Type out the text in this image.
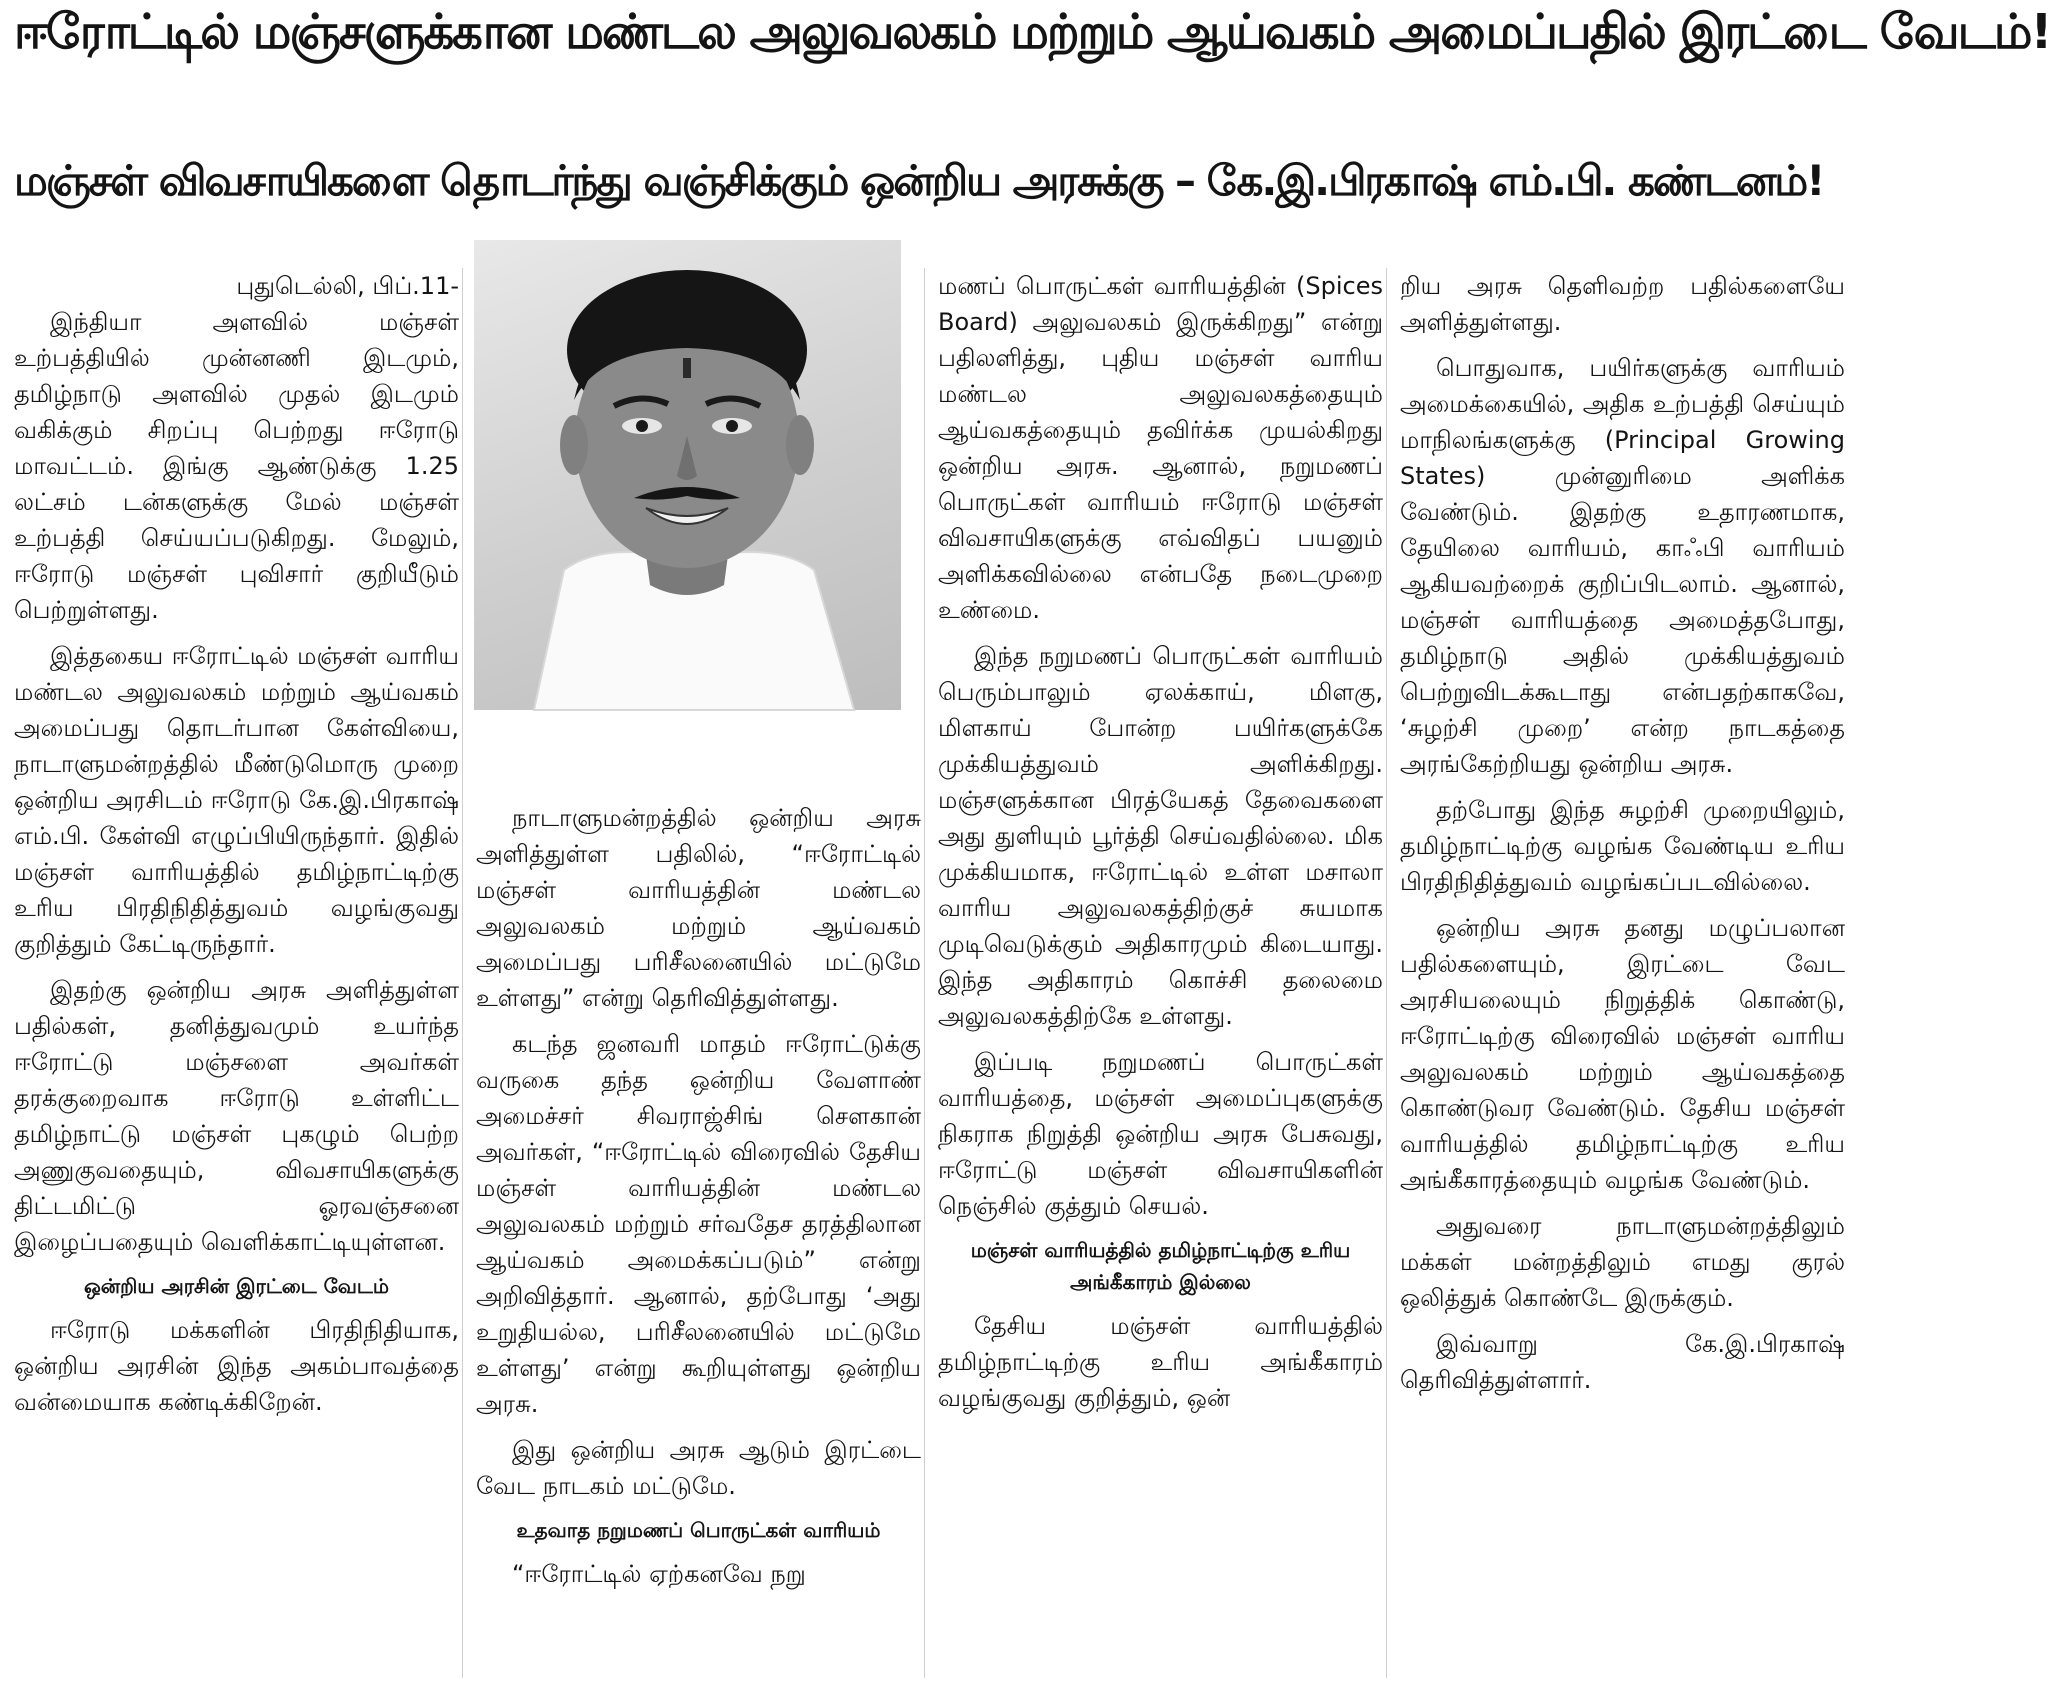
ஈரோட்டில் மஞ்சளுக்கான மண்டல அலுவலகம் மற்றும் ஆய்வகம் அமைப்பதில் இரட்டை வேடம்!
மஞ்சள் விவசாயிகளை தொடர்ந்து வஞ்சிக்கும் ஒன்றிய அரசுக்கு – கே.இ.பிரகாஷ் எம்.பி. கண்டனம்!

புதுடெல்லி, பிப்.11-

இந்தியா அளவில் மஞ்சள் உற்பத்தியில் முன்னணி இடமும், தமிழ்நாடு அளவில் முதல் இடமும் வகிக்கும் சிறப்பு பெற்றது ஈரோடு மாவட்டம். இங்கு ஆண்டுக்கு 1.25 லட்சம் டன்களுக்கு மேல் மஞ்சள் உற்பத்தி செய்யப்படுகிறது. மேலும், ஈரோடு மஞ்சள் புவிசார் குறியீடும் பெற்றுள்ளது.

இத்தகைய ஈரோட்டில் மஞ்சள் வாரிய மண்டல அலுவலகம் மற்றும் ஆய்வகம் அமைப்பது தொடர்பான கேள்வியை, நாடாளுமன்றத்தில் மீண்டுமொரு முறை ஒன்றிய அரசிடம் ஈரோடு கே.இ.பிரகாஷ் எம்.பி. கேள்வி எழுப்பியிருந்தார். இதில் மஞ்சள் வாரியத்தில் தமிழ்நாட்டிற்கு உரிய பிரதிநிதித்துவம் வழங்குவது குறித்தும் கேட்டிருந்தார்.

இதற்கு ஒன்றிய அரசு அளித்துள்ள பதில்கள், தனித்துவமும் உயர்ந்த ஈரோட்டு மஞ்சளை அவர்கள் தரக்குறைவாக ஈரோடு உள்ளிட்ட தமிழ்நாட்டு மஞ்சள் புகழும் பெற்ற அணுகுவதையும், விவசாயிகளுக்கு திட்டமிட்டு ஓரவஞ்சனை இழைப்பதையும் வெளிக்காட்டியுள்ளன.

ஒன்றிய அரசின் இரட்டை வேடம்

ஈரோடு மக்களின் பிரதிநிதியாக, ஒன்றிய அரசின் இந்த அகம்பாவத்தை வன்மையாக கண்டிக்கிறேன்.

நாடாளுமன்றத்தில் ஒன்றிய அரசு அளித்துள்ள பதிலில், “ஈரோட்டில் மஞ்சள் வாரியத்தின் மண்டல அலுவலகம் மற்றும் ஆய்வகம் அமைப்பது பரிசீலனையில் மட்டுமே உள்ளது” என்று தெரிவித்துள்ளது.

கடந்த ஜனவரி மாதம் ஈரோட்டுக்கு வருகை தந்த ஒன்றிய வேளாண் அமைச்சர் சிவராஜ்சிங் சௌகான் அவர்கள், “ஈரோட்டில் விரைவில் தேசிய மஞ்சள் வாரியத்தின் மண்டல அலுவலகம் மற்றும் சர்வதேச தரத்திலான ஆய்வகம் அமைக்கப்படும்” என்று அறிவித்தார். ஆனால், தற்போது ‘அது உறுதியல்ல, பரிசீலனையில் மட்டுமே உள்ளது’ என்று கூறியுள்ளது ஒன்றிய அரசு.

இது ஒன்றிய அரசு ஆடும் இரட்டை வேட நாடகம் மட்டுமே.

உதவாத நறுமணப் பொருட்கள் வாரியம்

“ஈரோட்டில் ஏற்கனவே நறு

மணப் பொருட்கள் வாரியத்தின் (Spices Board) அலுவலகம் இருக்கிறது” என்று பதிலளித்து, புதிய மஞ்சள் வாரிய மண்டல அலுவலகத்தையும் ஆய்வகத்தையும் தவிர்க்க முயல்கிறது ஒன்றிய அரசு. ஆனால், நறுமணப் பொருட்கள் வாரியம் ஈரோடு மஞ்சள் விவசாயிகளுக்கு எவ்விதப் பயனும் அளிக்கவில்லை என்பதே நடைமுறை உண்மை.

இந்த நறுமணப் பொருட்கள் வாரியம் பெரும்பாலும் ஏலக்காய், மிளகு, மிளகாய் போன்ற பயிர்களுக்கே முக்கியத்துவம் அளிக்கிறது. மஞ்சளுக்கான பிரத்யேகத் தேவைகளை அது துளியும் பூர்த்தி செய்வதில்லை. மிக முக்கியமாக, ஈரோட்டில் உள்ள மசாலா வாரிய அலுவலகத்திற்குச் சுயமாக முடிவெடுக்கும் அதிகாரமும் கிடையாது. இந்த அதிகாரம் கொச்சி தலைமை அலுவலகத்திற்கே உள்ளது.

இப்படி நறுமணப் பொருட்கள் வாரியத்தை, மஞ்சள் அமைப்புகளுக்கு நிகராக நிறுத்தி ஒன்றிய அரசு பேசுவது, ஈரோட்டு மஞ்சள் விவசாயிகளின் நெஞ்சில் குத்தும் செயல்.

மஞ்சள் வாரியத்தில் தமிழ்நாட்டிற்கு உரிய அங்கீகாரம் இல்லை

தேசிய மஞ்சள் வாரியத்தில் தமிழ்நாட்டிற்கு உரிய அங்கீகாரம் வழங்குவது குறித்தும், ஒன்

றிய அரசு தெளிவற்ற பதில்களையே அளித்துள்ளது.

பொதுவாக, பயிர்களுக்கு வாரியம் அமைக்கையில், அதிக உற்பத்தி செய்யும் மாநிலங்களுக்கு (Principal Growing States) முன்னுரிமை அளிக்க வேண்டும். இதற்கு உதாரணமாக, தேயிலை வாரியம், காஃபி வாரியம் ஆகியவற்றைக் குறிப்பிடலாம். ஆனால், மஞ்சள் வாரியத்தை அமைத்தபோது, தமிழ்நாடு அதில் முக்கியத்துவம் பெற்றுவிடக்கூடாது என்பதற்காகவே, ‘சுழற்சி முறை’ என்ற நாடகத்தை அரங்கேற்றியது ஒன்றிய அரசு.

தற்போது இந்த சுழற்சி முறையிலும், தமிழ்நாட்டிற்கு வழங்க வேண்டிய உரிய பிரதிநிதித்துவம் வழங்கப்படவில்லை.

ஒன்றிய அரசு தனது மழுப்பலான பதில்களையும், இரட்டை வேட அரசியலையும் நிறுத்திக் கொண்டு, ஈரோட்டிற்கு விரைவில் மஞ்சள் வாரிய அலுவலகம் மற்றும் ஆய்வகத்தை கொண்டுவர வேண்டும். தேசிய மஞ்சள் வாரியத்தில் தமிழ்நாட்டிற்கு உரிய அங்கீகாரத்தையும் வழங்க வேண்டும்.

அதுவரை நாடாளுமன்றத்திலும் மக்கள் மன்றத்திலும் எமது குரல் ஒலித்துக் கொண்டே இருக்கும்.

இவ்வாறு கே.இ.பிரகாஷ் தெரிவித்துள்ளார்.
